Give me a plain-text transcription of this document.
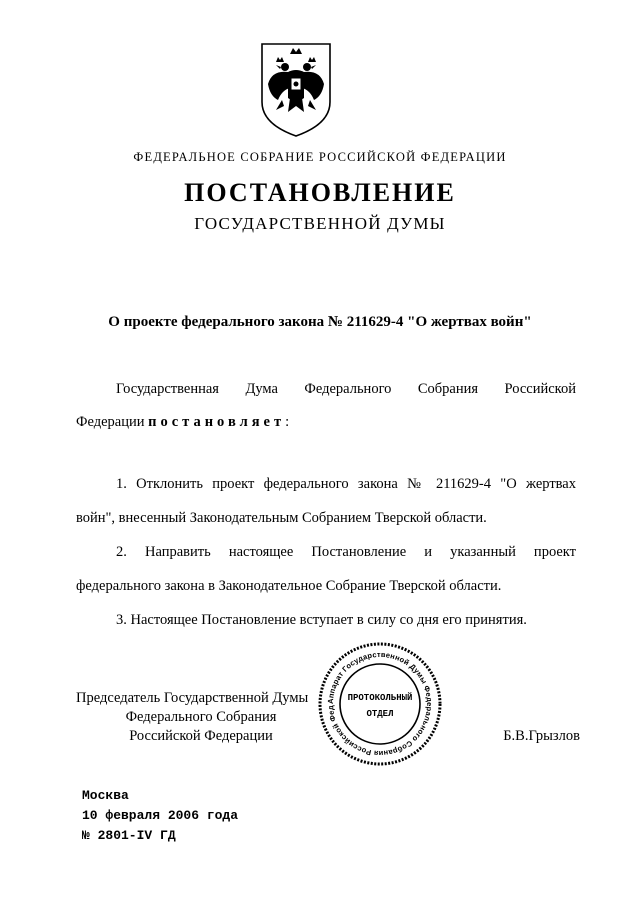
ФЕДЕРАЛЬНОЕ СОБРАНИЕ РОССИЙСКОЙ ФЕДЕРАЦИИ
ПОСТАНОВЛЕНИЕ
ГОСУДАРСТВЕННОЙ ДУМЫ
О проекте федерального закона № 211629-4 "О жертвах войн"
Государственная Дума Федерального Собрания Российской
Федерации постановляет:
1. Отклонить проект федерального закона № 211629-4 "О жертвах
войн", внесенный Законодательным Собранием Тверской области.
2. Направить настоящее Постановление и указанный проект
федерального закона в Законодательное Собрание Тверской области.
3. Настоящее Постановление вступает в силу со дня его принятия.
Председатель Государственной Думы
Федерального Собрания
Российской Федерации	Б.В.Грызлов
Аппарат Государственной Думы Федерального Собрания Российской Фед
ПРОТОКОЛЬНЫЙ
ОТДЕЛ
Москва
10 февраля 2006 года
№ 2801-IV ГД
